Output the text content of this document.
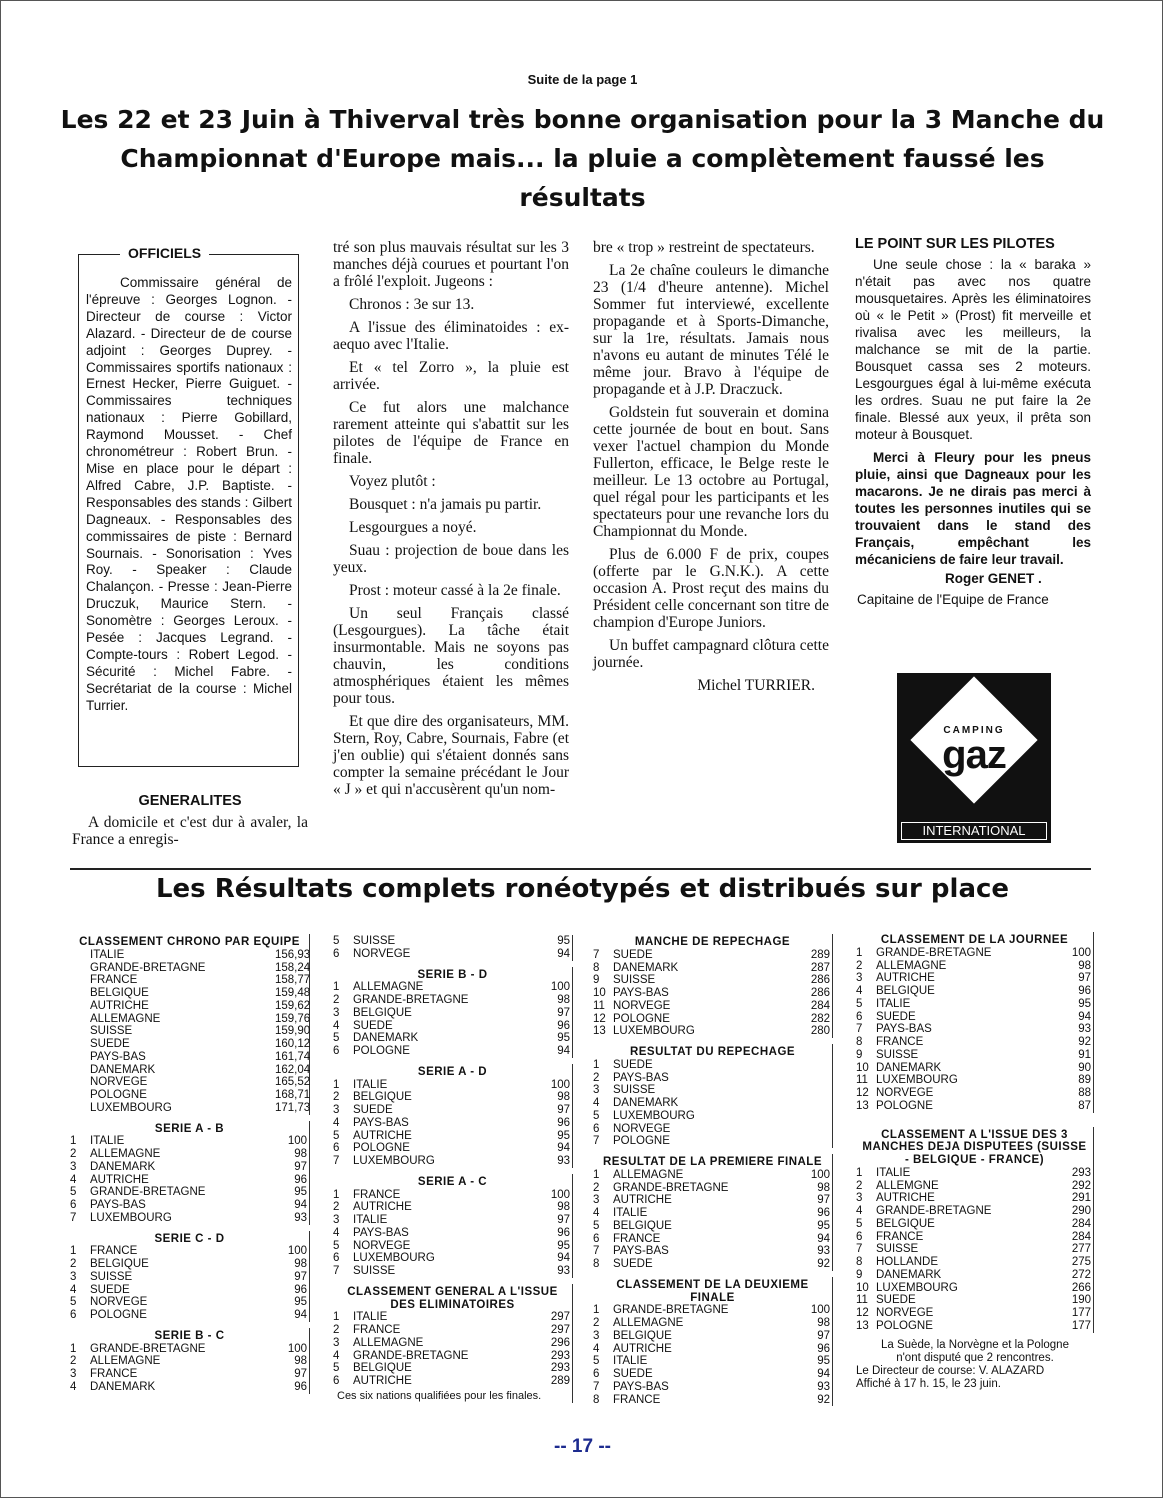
Suite de la page 1
Les 22 et 23 Juin à Thiverval très bonne organisation pour la 3 Manche du Championnat d'Europe mais... la pluie a complètement faussé les résultats
Commissaire général de l'épreuve : Georges Lognon. - Directeur de course : Victor Alazard. - Directeur de de course adjoint : Georges Duprey. - Commissaires sportifs nationaux : Ernest Hecker, Pierre Guiguet. - Commissaires techniques nationaux : Pierre Gobillard, Raymond Mousset. - Chef chronométreur : Robert Brun. - Mise en place pour le départ : Alfred Cabre, J.P. Baptiste. - Responsables des stands : Gilbert Dagneaux. - Responsables des commissaires de piste : Bernard Sournais. - Sonorisation : Yves Roy. - Speaker : Claude Chalançon. - Presse : Jean-Pierre Druczuk, Maurice Stern. - Sonomètre : Georges Leroux. - Pesée : Jacques Legrand. - Compte-tours : Robert Legod. - Sécurité : Michel Fabre. - Secrétariat de la course : Michel Turrier.
OFFICIELS
GENERALITES

A domicile et c'est dur à avaler, la France a enregis-

tré son plus mauvais résultat sur les 3 manches déjà courues et pourtant l'on a frôlé l'exploit. Jugeons :

Chronos : 3e sur 13.

A l'issue des éliminatoides : ex-aequo avec l'Italie.

Et « tel Zorro », la pluie est arrivée.

Ce fut alors une malchance rarement atteinte qui s'abattit sur les pilotes de l'équipe de France en finale.

Voyez plutôt :

Bousquet : n'a jamais pu partir.

Lesgourgues a noyé.

Suau : projection de boue dans les yeux.

Prost : moteur cassé à la 2e finale.

Un seul Français classé (Lesgourgues). La tâche était insurmontable. Mais ne soyons pas chauvin, les conditions atmosphériques étaient les mêmes pour tous.

Et que dire des organisateurs, MM. Stern, Roy, Cabre, Sournais, Fabre (et j'en oublie) qui s'étaient donnés sans compter la semaine précédant le Jour « J » et qui n'accusèrent qu'un nom-

bre « trop » restreint de spectateurs.

La 2e chaîne couleurs le dimanche 23 (1/4 d'heure antenne). Michel Sommer fut interviewé, excellente propagande et à Sports-Dimanche, sur la 1re, résultats. Jamais nous n'avons eu autant de minutes Télé le même jour. Bravo à l'équipe de propagande et à J.P. Draczuck.

Goldstein fut souverain et domina cette journée de bout en bout. Sans vexer l'actuel champion du Monde Fullerton, efficace, le Belge reste le meilleur. Le 13 octobre au Portugal, quel régal pour les participants et les spectateurs pour une revanche lors du Championnat du Monde.

Plus de 6.000 F de prix, coupes (offerte par le G.N.K.). A cette occasion A. Prost reçut des mains du Président celle concernant son titre de champion d'Europe Juniors.

Un buffet campagnard clôtura cette journée.

Michel TURRIER.
LE POINT SUR LES PILOTES

Une seule chose : la « baraka » n'était pas avec nos quatre mousquetaires. Après les éliminatoires où « le Petit » (Prost) fit merveille et rivalisa avec les meilleurs, la malchance se mit de la partie. Bousquet cassa ses 2 moteurs. Lesgourgues égal à lui-même exécuta les ordres. Suau ne put faire la 2e finale. Blessé aux yeux, il prêta son moteur à Bousquet.

Merci à Fleury pour les pneus pluie, ainsi que Dagneaux pour les macarons. Je ne dirais pas merci à toutes les personnes inutiles qui se trouvaient dans le stand des Français, empêchant les mécaniciens de faire leur travail.

Roger GENET .
Capitaine de l'Equipe de France
CAMPING
gaz
INTERNATIONAL
Les Résultats complets ronéotypés et distribués sur place
CLASSEMENT CHRONO PAR EQUIPE
ITALIE	156,93
GRANDE-BRETAGNE	158,24
FRANCE	158,77
BELGIQUE	159,48
AUTRICHE	159,62
ALLEMAGNE	159,76
SUISSE	159,90
SUEDE	160,12
PAYS-BAS	161,74
DANEMARK	162,04
NORVEGE	165,52
POLOGNE	168,71
LUXEMBOURG	171,73
SERIE A - B
1	ITALIE	100
2	ALLEMAGNE	98
3	DANEMARK	97
4	AUTRICHE	96
5	GRANDE-BRETAGNE	95
6	PAYS-BAS	94
7	LUXEMBOURG	93
SERIE C - D
1	FRANCE	100
2	BELGIQUE	98
3	SUISSE	97
4	SUEDE	96
5	NORVEGE	95
6	POLOGNE	94
SERIE B - C
1	GRANDE-BRETAGNE	100
2	ALLEMAGNE	98
3	FRANCE	97
4	DANEMARK	96
5	SUISSE	95
6	NORVEGE	94
SERIE B - D
1	ALLEMAGNE	100
2	GRANDE-BRETAGNE	98
3	BELGIQUE	97
4	SUEDE	96
5	DANEMARK	95
6	POLOGNE	94
SERIE A - D
1	ITALIE	100
2	BELGIQUE	98
3	SUEDE	97
4	PAYS-BAS	96
5	AUTRICHE	95
6	POLOGNE	94
7	LUXEMBOURG	93
SERIE A - C
1	FRANCE	100
2	AUTRICHE	98
3	ITALIE	97
4	PAYS-BAS	96
5	NORVEGE	95
6	LUXEMBOURG	94
7	SUISSE	93
CLASSEMENT GENERAL A L'ISSUE DES ELIMINATOIRES
1	ITALIE	297
2	FRANCE	297
3	ALLEMAGNE	296
4	GRANDE-BRETAGNE	293
5	BELGIQUE	293
6	AUTRICHE	289
Ces six nations qualifiées pour les finales.
MANCHE DE REPECHAGE
7	SUEDE	289
8	DANEMARK	287
9	SUISSE	286
10 PAYS-BAS	286
11 NORVEGE	284
12 POLOGNE	282
13 LUXEMBOURG	280
RESULTAT DU REPECHAGE
1	SUEDE
2	PAYS-BAS
3	SUISSE
4	DANEMARK
5	LUXEMBOURG
6	NORVEGE
7	POLOGNE
RESULTAT DE LA PREMIERE FINALE
1	ALLEMAGNE	100
2	GRANDE-BRETAGNE	98
3	AUTRICHE	97
4	ITALIE	96
5	BELGIQUE	95
6	FRANCE	94
7	PAYS-BAS	93
8	SUEDE	92
CLASSEMENT DE LA DEUXIEME FINALE
1	GRANDE-BRETAGNE	100
2	ALLEMAGNE	98
3	BELGIQUE	97
4	AUTRICHE	96
5	ITALIE	95
6	SUEDE	94
7	PAYS-BAS	93
8	FRANCE	92
CLASSEMENT DE LA JOURNEE
1	GRANDE-BRETAGNE	100
2	ALLEMAGNE	98
3	AUTRICHE	97
4	BELGIQUE	96
5	ITALIE	95
6	SUEDE	94
7	PAYS-BAS	93
8	FRANCE	92
9	SUISSE	91
10 DANEMARK	90
11 LUXEMBOURG	89
12 NORVEGE	88
13 POLOGNE	87
CLASSEMENT A L'ISSUE DES 3 MANCHES DEJA DISPUTEES (SUISSE - BELGIQUE - FRANCE)
1	ITALIE	293
2	ALLEMGNE	292
3	AUTRICHE	291
4	GRANDE-BRETAGNE	290
5	BELGIQUE	284
6	FRANCE	284
7	SUISSE	277
8	HOLLANDE	275
9	DANEMARK	272
10 LUXEMBOURG	266
11 SUEDE	190
12 NORVEGE	177
13 POLOGNE	177
La Suède, la Norvègne et la Pologne
n'ont disputé que 2 rencontres.
Le Directeur de course: V. ALAZARD
Affiché à 17 h. 15, le 23 juin.
-- 17 --
